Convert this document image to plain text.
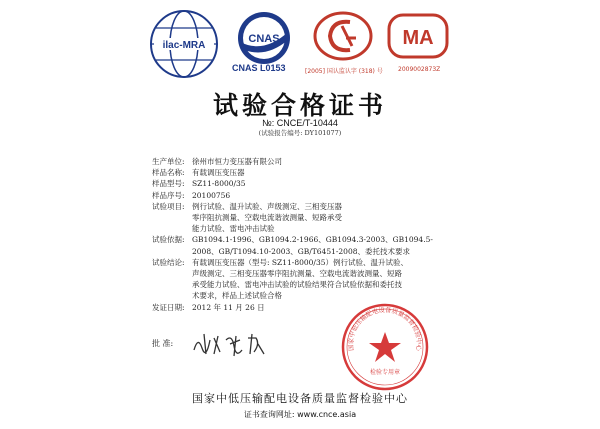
ilac-MRA
CNAS
CNAS L0153	[2005] 国认监认字 (318) 号
MA
2009002873Z
试验合格证书
№: CNCE/T-10444
(试验报告编号: DY101077)
生产单位: 徐州市恒力变压器有限公司
样品名称: 有载调压变压器
样品型号: SZ11-8000/35
样品序号: 20100756
试验项目: 例行试验、温升试验、声级测定、三相变压器
零序阻抗测量、空载电流谐波测量、短路承受
能力试验、雷电冲击试验
试验依据: GB1094.1-1996、GB1094.2-1966、GB1094.3-2003、GB1094.5-
2008、GB/T1094.10-2003、GB/T6451-2008、委托技术要求
试验结论: 有载调压变压器（型号: SZ11-8000/35）例行试验、温升试验、
声级测定、三相变压器零序阻抗测量、空载电流谐波测量、短路
承受能力试验、雷电冲击试验的试验结果符合试验依据和委托技
术要求，样品上述试验合格
发证日期: 2012 年 11 月 26 日
批 准:	国家中低压输配电设备质量监督检验中心
检验专用章
国家中低压输配电设备质量监督检验中心
证书查询网址: www.cnce.asia
